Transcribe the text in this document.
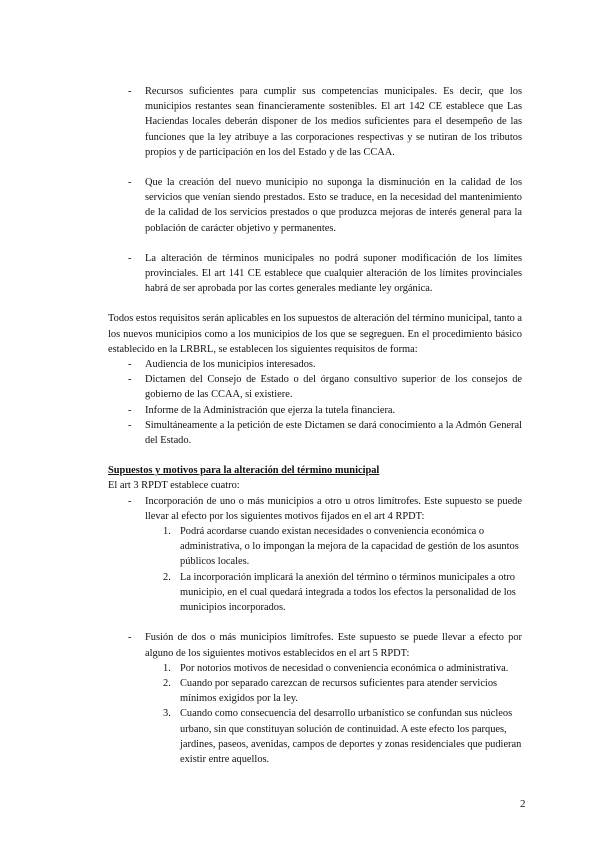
- Recursos suficientes para cumplir sus competencias municipales. Es decir, que los municipios restantes sean financieramente sostenibles. El art 142 CE establece que Las Haciendas locales deberán disponer de los medios suficientes para el desempeño de las funciones que la ley atribuye a las corporaciones respectivas y se nutiran de los tributos propios y de participación en los del Estado y de las CCAA.
- Que la creación del nuevo municipio no suponga la disminución en la calidad de los servicios que venían siendo prestados. Esto se traduce, en la necesidad del mantenimiento de la calidad de los servicios prestados o que produzca mejoras de interés general para la población de carácter objetivo y permanentes.
- La alteración de términos municipales no podrá suponer modificación de los límites provinciales. El art 141 CE establece que cualquier alteración de los límites provinciales habrá de ser aprobada por las cortes generales mediante ley orgánica.

Todos estos requisitos serán aplicables en los supuestos de alteración del término municipal, tanto a los nuevos municipios como a los municipios de los que se segreguen. En el procedimiento básico establecido en la LRBRL, se establecen los siguientes requisitos de forma:

- Audiencia de los municipios interesados.
- Dictamen del Consejo de Estado o del órgano consultivo superior de los consejos de gobierno de las CCAA, si existiere.
- Informe de la Administración que ejerza la tutela financiera.
- Simultáneamente a la petición de este Dictamen se dará conocimiento a la Admón General del Estado.
Supuestos y motivos para la alteración del término municipal
El art 3 RPDT establece cuatro:
- Incorporación de uno o más municipios a otro u otros limítrofes. Este supuesto se puede llevar al efecto por los siguientes motivos fijados en el art 4 RPDT:
1. Podrá acordarse cuando existan necesidades o conveniencia económica o administrativa, o lo impongan la mejora de la capacidad de gestión de los asuntos públicos locales.
2. La incorporación implicará la anexión del término o términos municipales a otro municipio, en el cual quedará integrada a todos los efectos la personalidad de los municipios incorporados.
- Fusión de dos o más municipios limítrofes. Este supuesto se puede llevar a efecto por alguno de los siguientes motivos establecidos en el art 5 RPDT:
1. Por notorios motivos de necesidad o conveniencia económica o administrativa.
2. Cuando por separado carezcan de recursos suficientes para atender servicios mínimos exigidos por la ley.
3. Cuando como consecuencia del desarrollo urbanístico se confundan sus núcleos urbano, sin que constituyan solución de continuidad. A este efecto los parques, jardines, paseos, avenidas, campos de deportes y zonas residenciales que pudieran existir entre aquellos.
2
